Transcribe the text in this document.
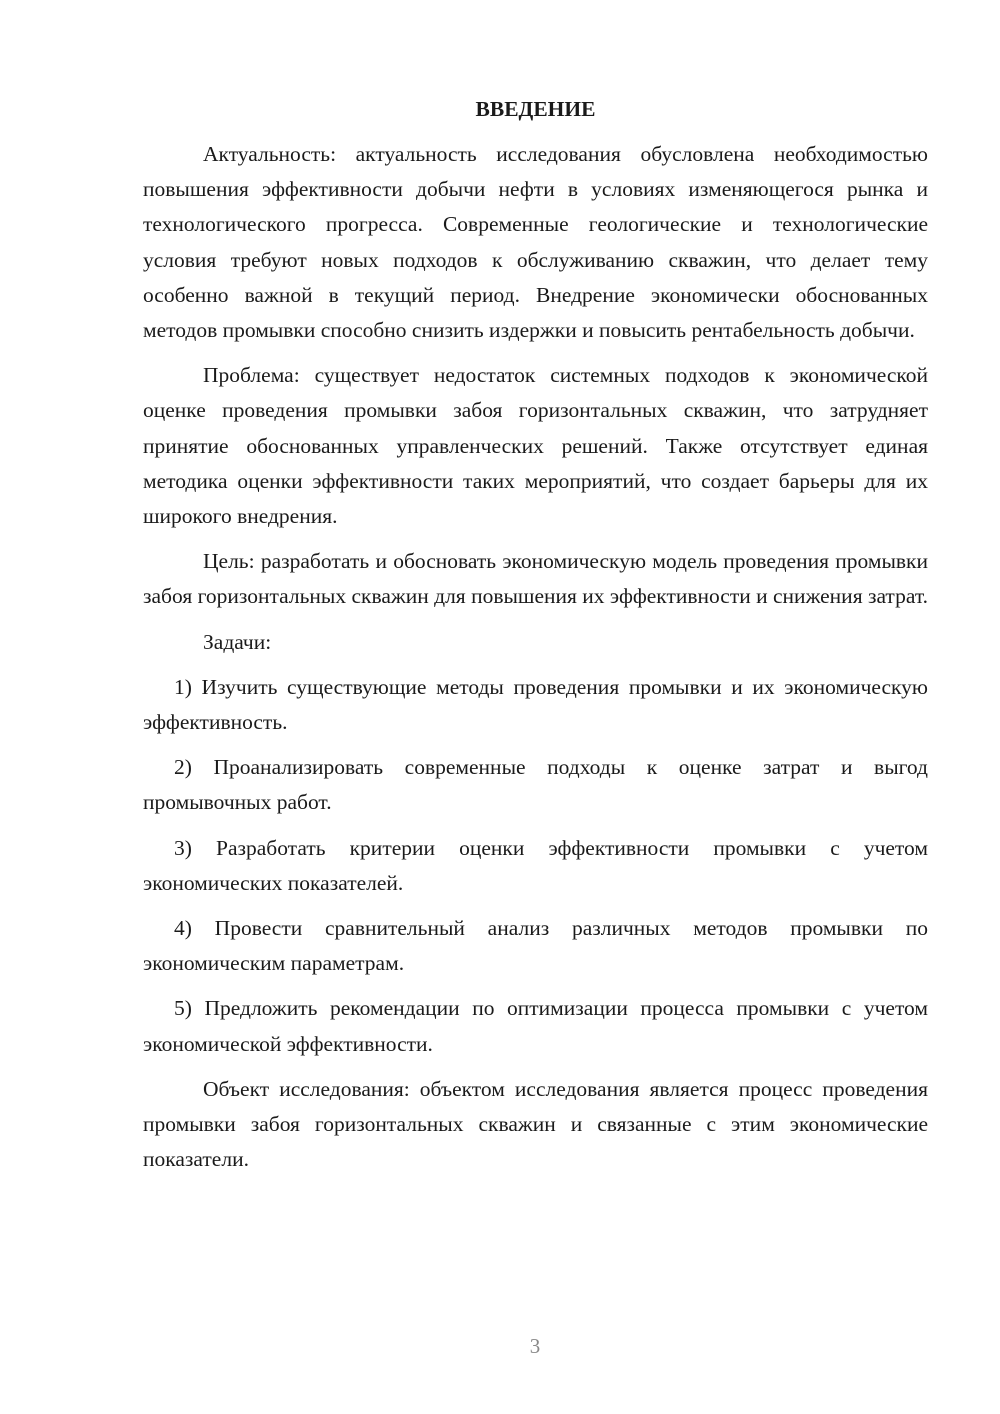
ВВЕДЕНИЕ

Актуальность: актуальность исследования обусловлена необходимостью повышения эффективности добычи нефти в условиях изменяющегося рынка и технологического прогресса. Современные геологические и технологические условия требуют новых подходов к обслуживанию скважин, что делает тему особенно важной в текущий период. Внедрение экономически обоснованных методов промывки способно снизить издержки и повысить рентабельность добычи.

Проблема: существует недостаток системных подходов к экономической оценке проведения промывки забоя горизонтальных скважин, что затрудняет принятие обоснованных управленческих решений. Также отсутствует единая методика оценки эффективности таких мероприятий, что создает барьеры для их широкого внедрения.

Цель: разработать и обосновать экономическую модель проведения промывки забоя горизонтальных скважин для повышения их эффективности и снижения затрат.

Задачи:

1) Изучить существующие методы проведения промывки и их экономическую эффективность.

2) Проанализировать современные подходы к оценке затрат и выгод промывочных работ.

3) Разработать критерии оценки эффективности промывки с учетом экономических показателей.

4) Провести сравнительный анализ различных методов промывки по экономическим параметрам.

5) Предложить рекомендации по оптимизации процесса промывки с учетом экономической эффективности.

Объект исследования: объектом исследования является процесс проведения промывки забоя горизонтальных скважин и связанные с этим экономические показатели.

3
